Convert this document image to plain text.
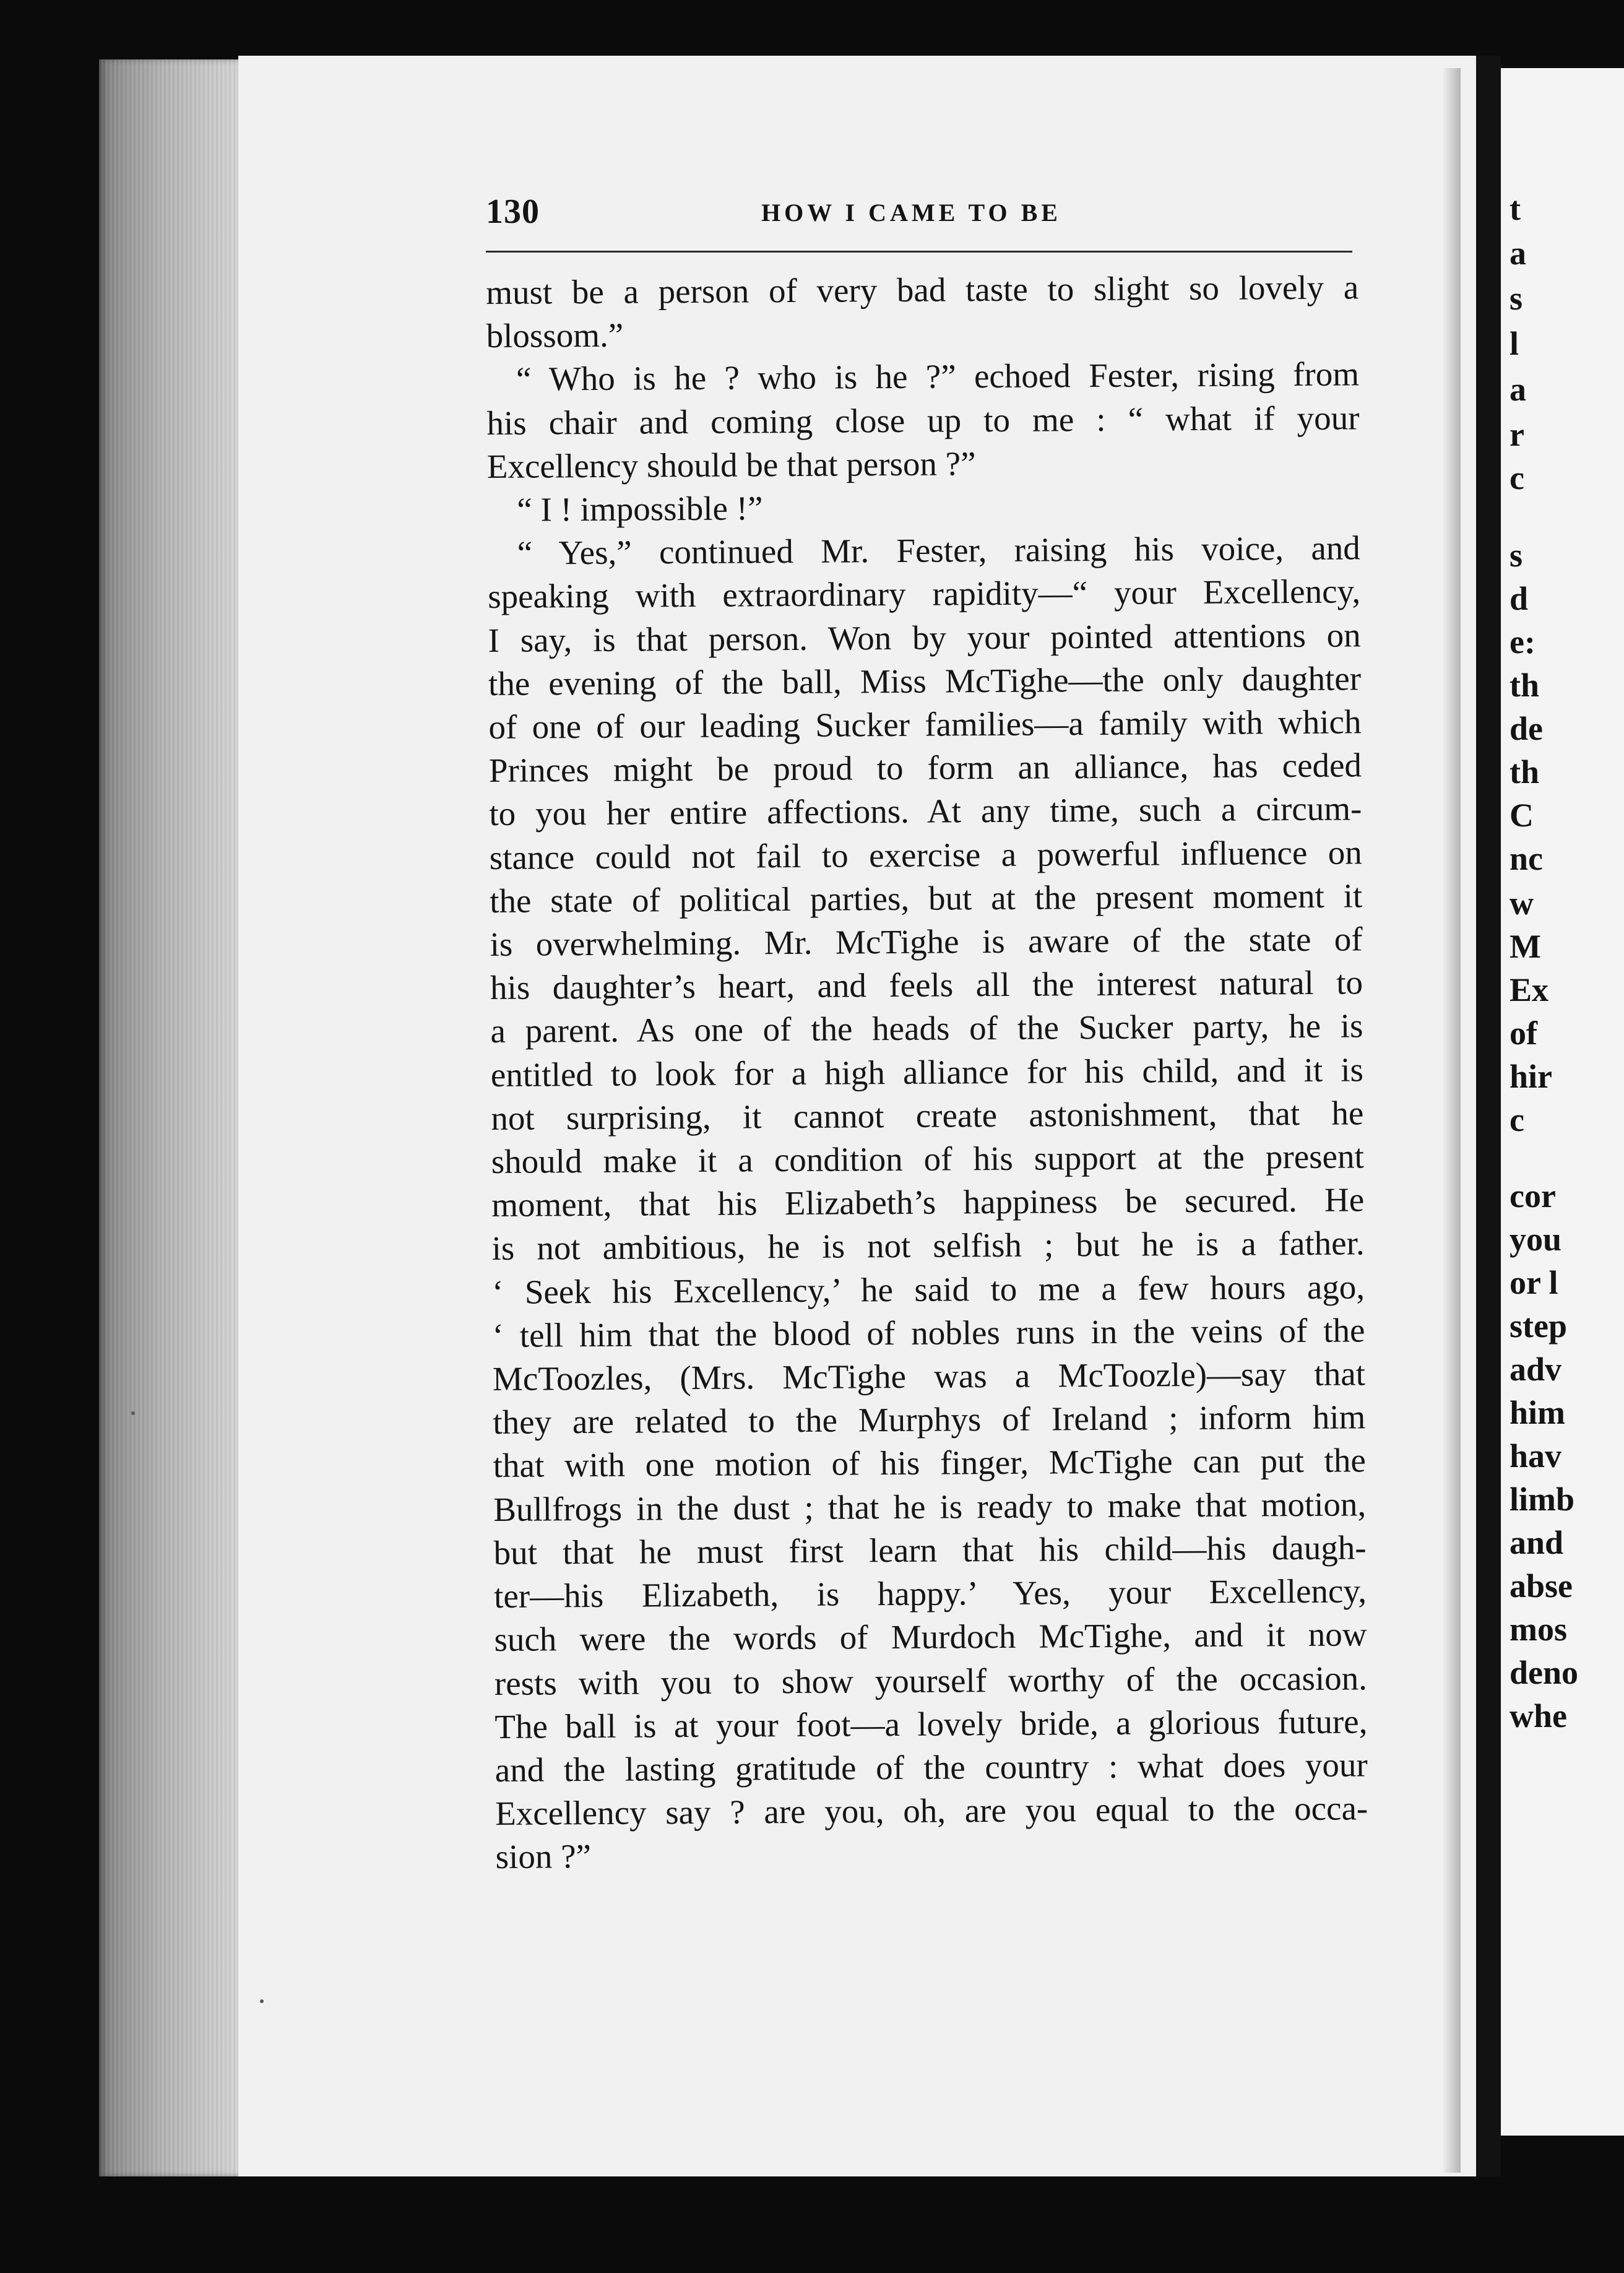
t
a
s
l
a
r
c
s
d
e:
th
de
th
C
nc
w
M
Ex
of
hir
c
cor
you
or l
step
adv
him
hav
limb
and
abse
mos
deno
whe
130	HOW I CAME TO BE
must be a person of very bad taste to slight so lovely a
blossom.”
“ Who is he ? who is he ?” echoed Fester, rising from
his chair and coming close up to me : “ what if your
Excellency should be that person ?”
“ I ! impossible !”
“ Yes,” continued Mr. Fester, raising his voice, and
speaking with extraordinary rapidity—“ your Excellency,
I say, is that person. Won by your pointed attentions on
the evening of the ball, Miss McTighe—the only daughter
of one of our leading Sucker families—a family with which
Princes might be proud to form an alliance, has ceded
to you her entire affections. At any time, such a circum-
stance could not fail to exercise a powerful influence on
the state of political parties, but at the present moment it
is overwhelming. Mr. McTighe is aware of the state of
his daughter’s heart, and feels all the interest natural to
a parent. As one of the heads of the Sucker party, he is
entitled to look for a high alliance for his child, and it is
not surprising, it cannot create astonishment, that he
should make it a condition of his support at the present
moment, that his Elizabeth’s happiness be secured. He
is not ambitious, he is not selfish ; but he is a father.
‘ Seek his Excellency,’ he said to me a few hours ago,
‘ tell him that the blood of nobles runs in the veins of the
McToozles, (Mrs. McTighe was a McToozle)—say that
they are related to the Murphys of Ireland ; inform him
that with one motion of his finger, McTighe can put the
Bullfrogs in the dust ; that he is ready to make that motion,
but that he must first learn that his child—his daugh-
ter—his Elizabeth, is happy.’ Yes, your Excellency,
such were the words of Murdoch McTighe, and it now
rests with you to show yourself worthy of the occasion.
The ball is at your foot—a lovely bride, a glorious future,
and the lasting gratitude of the country : what does your
Excellency say ? are you, oh, are you equal to the occa-
sion ?”
